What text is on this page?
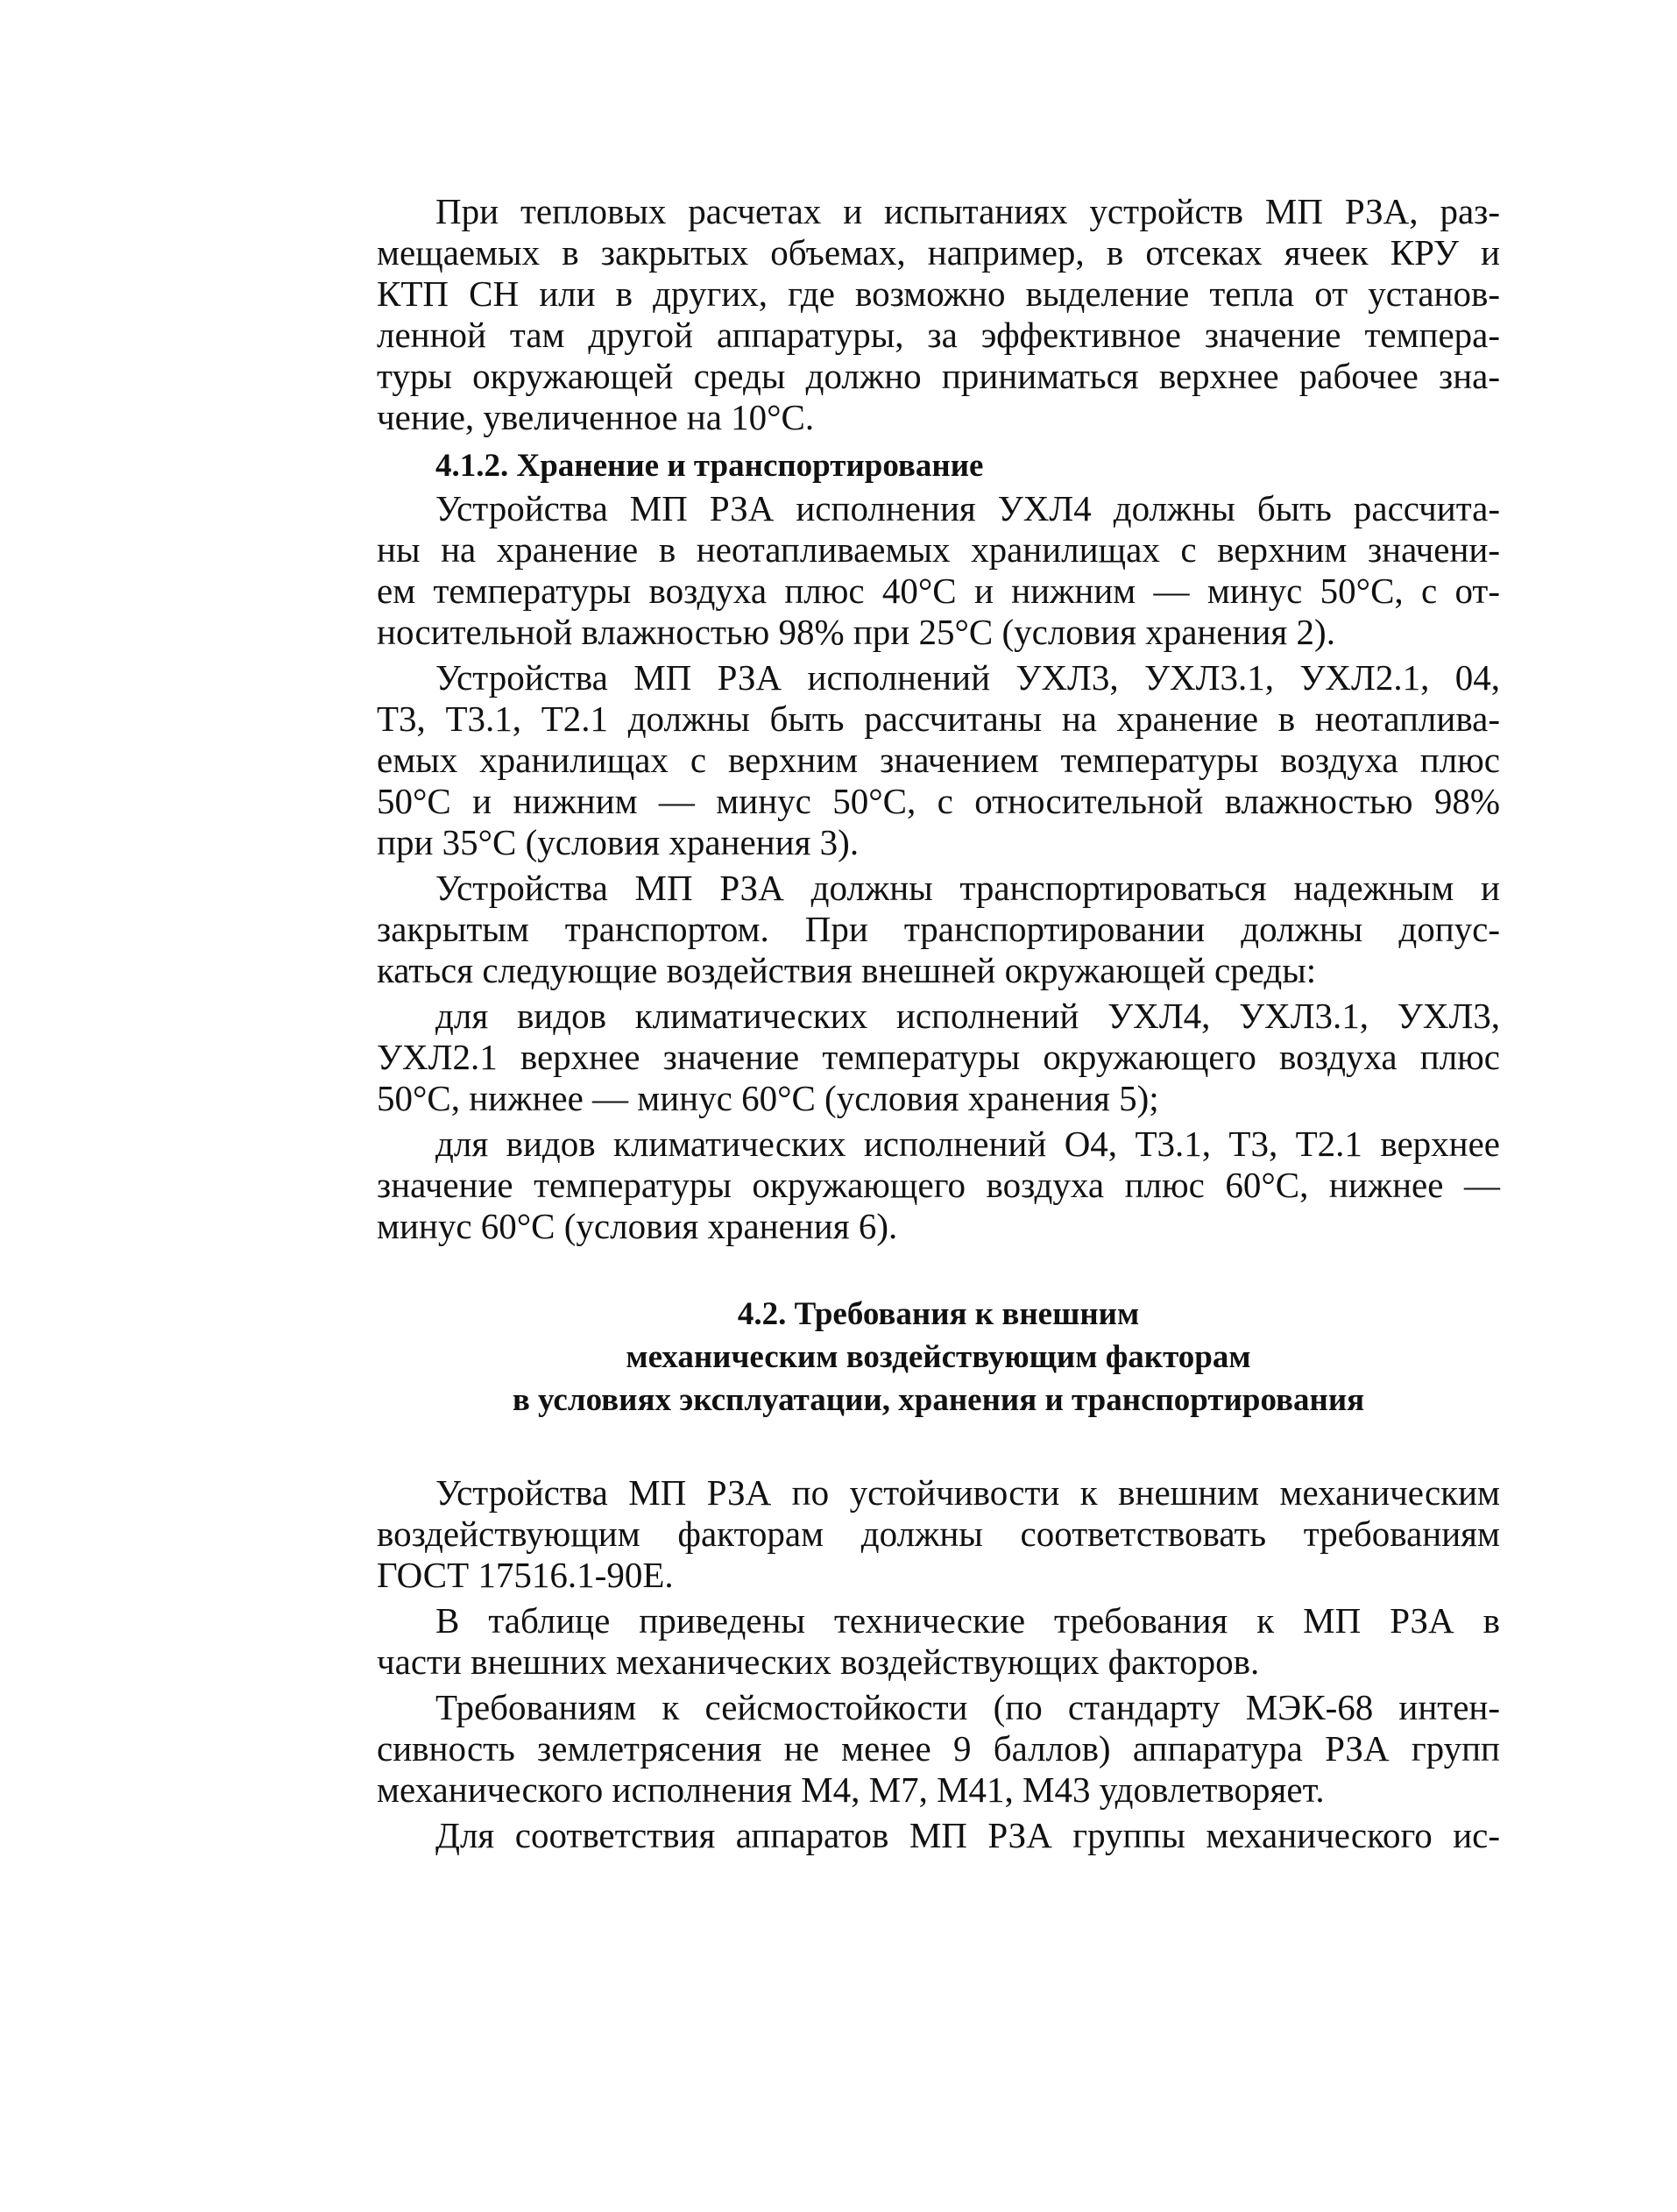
При тепловых расчетах и испытаниях устройств МП РЗА, раз-
мещаемых в закрытых объемах, например, в отсеках ячеек КРУ и
КТП СН или в других, где возможно выделение тепла от установ-
ленной там другой аппаратуры, за эффективное значение темпера-
туры окружающей среды должно приниматься верхнее рабочее зна-
чение, увеличенное на 10°С.
4.1.2. Хранение и транспортирование
Устройства МП РЗА исполнения УХЛ4 должны быть рассчита-
ны на хранение в неотапливаемых хранилищах с верхним значени-
ем температуры воздуха плюс 40°С и нижним — минус 50°С, с от-
носительной влажностью 98% при 25°С (условия хранения 2).
Устройства МП РЗА исполнений УХЛ3, УХЛ3.1, УХЛ2.1, 04,
Т3, Т3.1, Т2.1 должны быть рассчитаны на хранение в неотаплива-
емых хранилищах с верхним значением температуры воздуха плюс
50°С и нижним — минус 50°С, с относительной влажностью 98%
при 35°С (условия хранения 3).
Устройства МП РЗА должны транспортироваться надежным и
закрытым транспортом. При транспортировании должны допус-
каться следующие воздействия внешней окружающей среды:
для видов климатических исполнений УХЛ4, УХЛ3.1, УХЛ3,
УХЛ2.1 верхнее значение температуры окружающего воздуха плюс
50°С, нижнее — минус 60°С (условия хранения 5);
для видов климатических исполнений О4, Т3.1, Т3, Т2.1 верхнее
значение температуры окружающего воздуха плюс 60°С, нижнее —
минус 60°С (условия хранения 6).
4.2. Требования к внешним
механическим воздействующим факторам
в условиях эксплуатации, хранения и транспортирования
Устройства МП РЗА по устойчивости к внешним механическим
воздействующим факторам должны соответствовать требованиям
ГОСТ 17516.1-90Е.
В таблице приведены технические требования к МП РЗА в
части внешних механических воздействующих факторов.
Требованиям к сейсмостойкости (по стандарту МЭК-68 интен-
сивность землетрясения не менее 9 баллов) аппаратура РЗА групп
механического исполнения М4, М7, М41, М43 удовлетворяет.
Для соответствия аппаратов МП РЗА группы механического ис-
